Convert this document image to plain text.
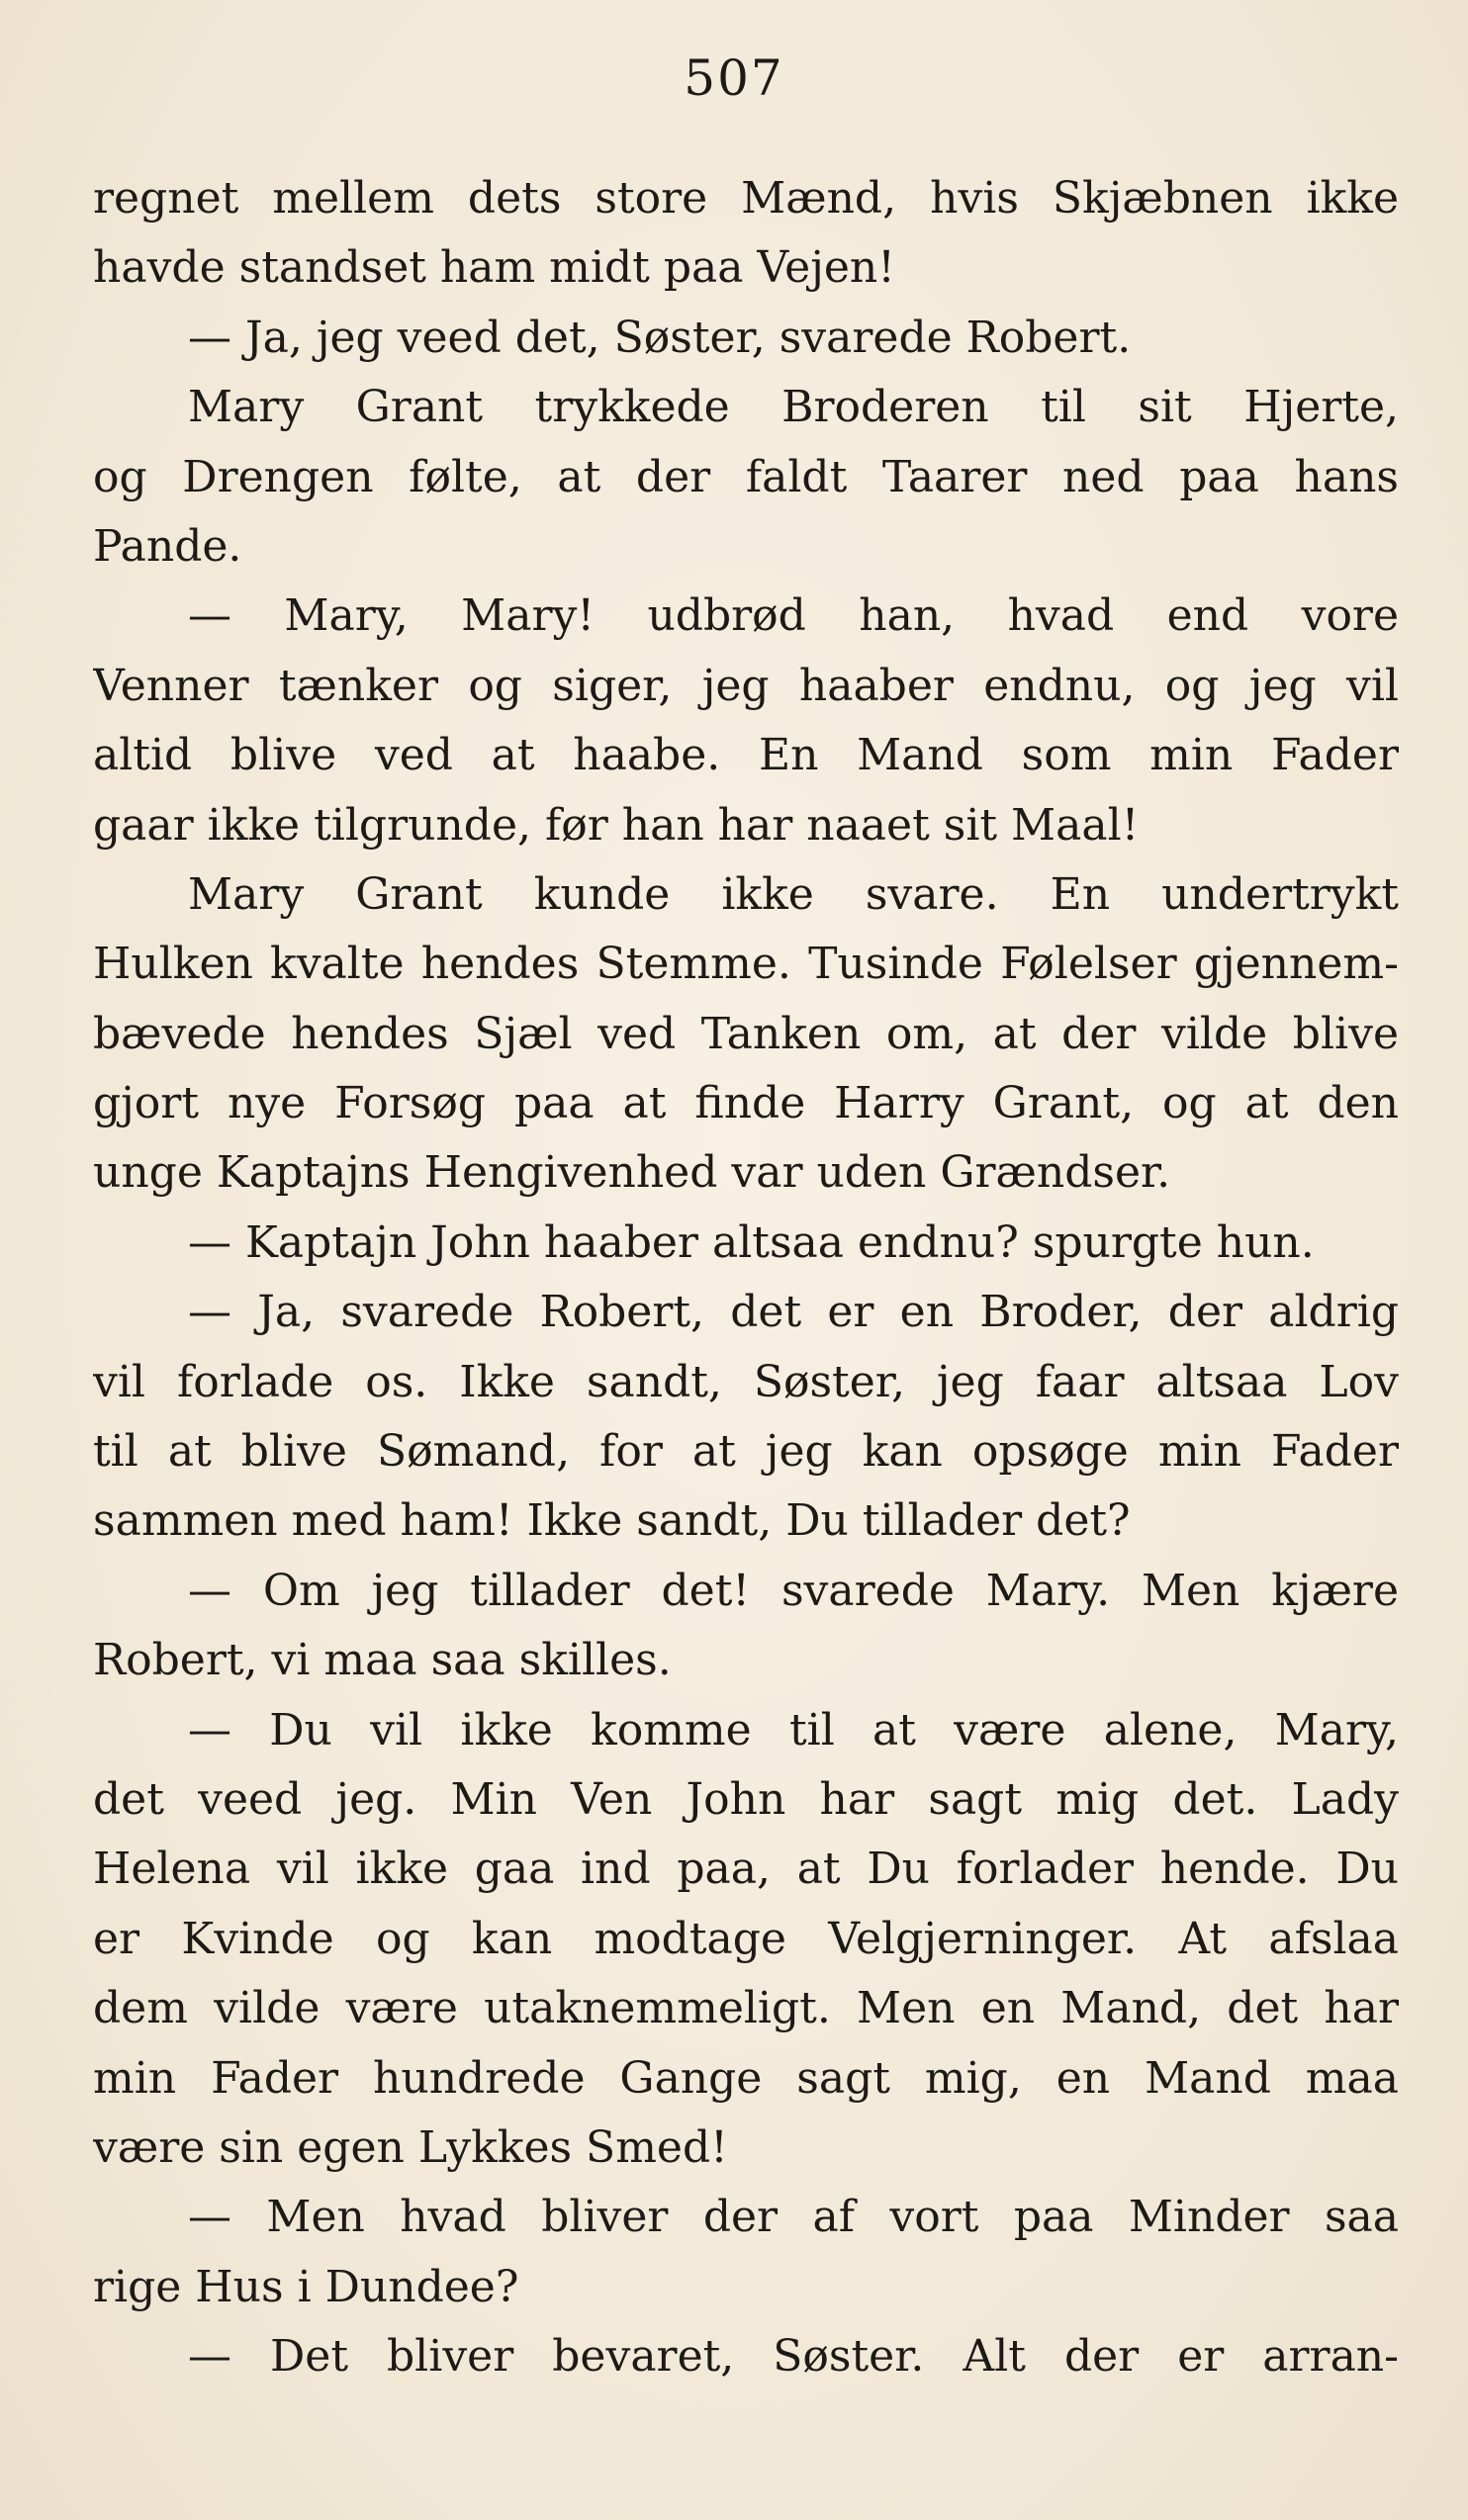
507
regnet mellem dets store Mænd, hvis Skjæbnen ikke
havde standset ham midt paa Vejen!
— Ja, jeg veed det, Søster, svarede Robert.
Mary Grant trykkede Broderen til sit Hjerte,
og Drengen følte, at der faldt Taarer ned paa hans
Pande.
— Mary, Mary! udbrød han, hvad end vore
Venner tænker og siger, jeg haaber endnu, og jeg vil
altid blive ved at haabe. En Mand som min Fader
gaar ikke tilgrunde, før han har naaet sit Maal!
Mary Grant kunde ikke svare. En undertrykt
Hulken kvalte hendes Stemme. Tusinde Følelser gjennem-
bævede hendes Sjæl ved Tanken om, at der vilde blive
gjort nye Forsøg paa at finde Harry Grant, og at den
unge Kaptajns Hengivenhed var uden Grændser.
— Kaptajn John haaber altsaa endnu? spurgte hun.
— Ja, svarede Robert, det er en Broder, der aldrig
vil forlade os. Ikke sandt, Søster, jeg faar altsaa Lov
til at blive Sømand, for at jeg kan opsøge min Fader
sammen med ham! Ikke sandt, Du tillader det?
— Om jeg tillader det! svarede Mary. Men kjære
Robert, vi maa saa skilles.
— Du vil ikke komme til at være alene, Mary,
det veed jeg. Min Ven John har sagt mig det. Lady
Helena vil ikke gaa ind paa, at Du forlader hende. Du
er Kvinde og kan modtage Velgjerninger. At afslaa
dem vilde være utaknemmeligt. Men en Mand, det har
min Fader hundrede Gange sagt mig, en Mand maa
være sin egen Lykkes Smed!
— Men hvad bliver der af vort paa Minder saa
rige Hus i Dundee?
— Det bliver bevaret, Søster. Alt der er arran-
